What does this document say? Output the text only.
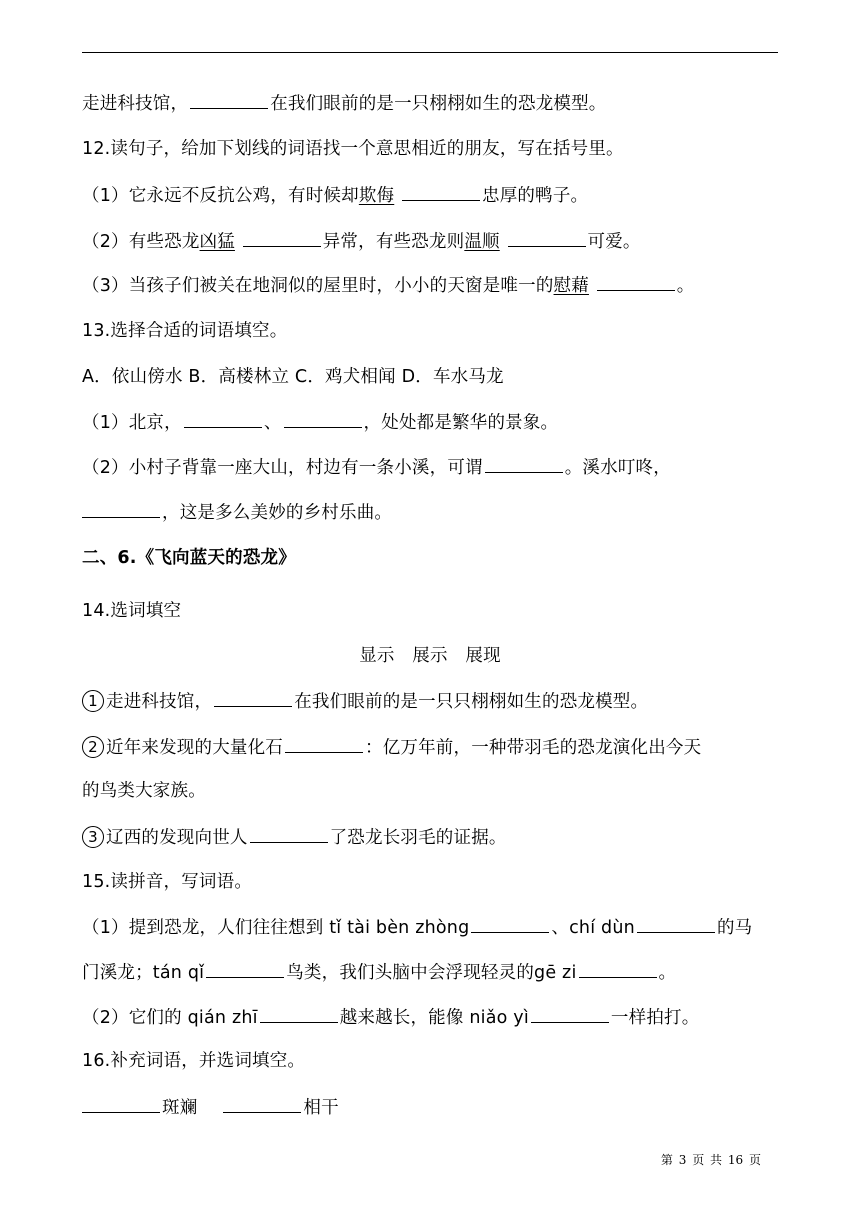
走进科技馆，	在我们眼前的是一只栩栩如生的恐龙模型。
12.读句子，给加下划线的词语找一个意思相近的朋友，写在括号里。
（1）它永远不反抗公鸡，有时候却欺侮	忠厚的鸭子。
（2）有些恐龙凶猛	异常，有些恐龙则温顺	可爱。
（3）当孩子们被关在地洞似的屋里时，小小的天窗是唯一的慰藉	。
13.选择合适的词语填空。
A．依山傍水 B．高楼林立 C．鸡犬相闻 D．车水马龙
（1）北京，	、	，处处都是繁华的景象。
（2）小村子背靠一座大山，村边有一条小溪，可谓	。溪水叮咚，
，这是多么美妙的乡村乐曲。
二、6.《飞向蓝天的恐龙》
14.选词填空
显示　展示　展现
1 走进科技馆，	在我们眼前的是一只只栩栩如生的恐龙模型。
2 近年来发现的大量化石	：亿万年前，一种带羽毛的恐龙演化出今天
的鸟类大家族。
3 辽西的发现向世人	了恐龙长羽毛的证据。
15.读拼音，写词语。
（1）提到恐龙，人们往往想到 tǐ tài bèn zhòng	、chí dùn	的马
门溪龙；tán qǐ	鸟类，我们头脑中会浮现轻灵的gē zi	。
（2）它们的 qián zhī	越来越长，能像 niǎo yì	一样拍打。
16.补充词语，并选词填空。
斑斓	相干
第 3 页 共 16 页
